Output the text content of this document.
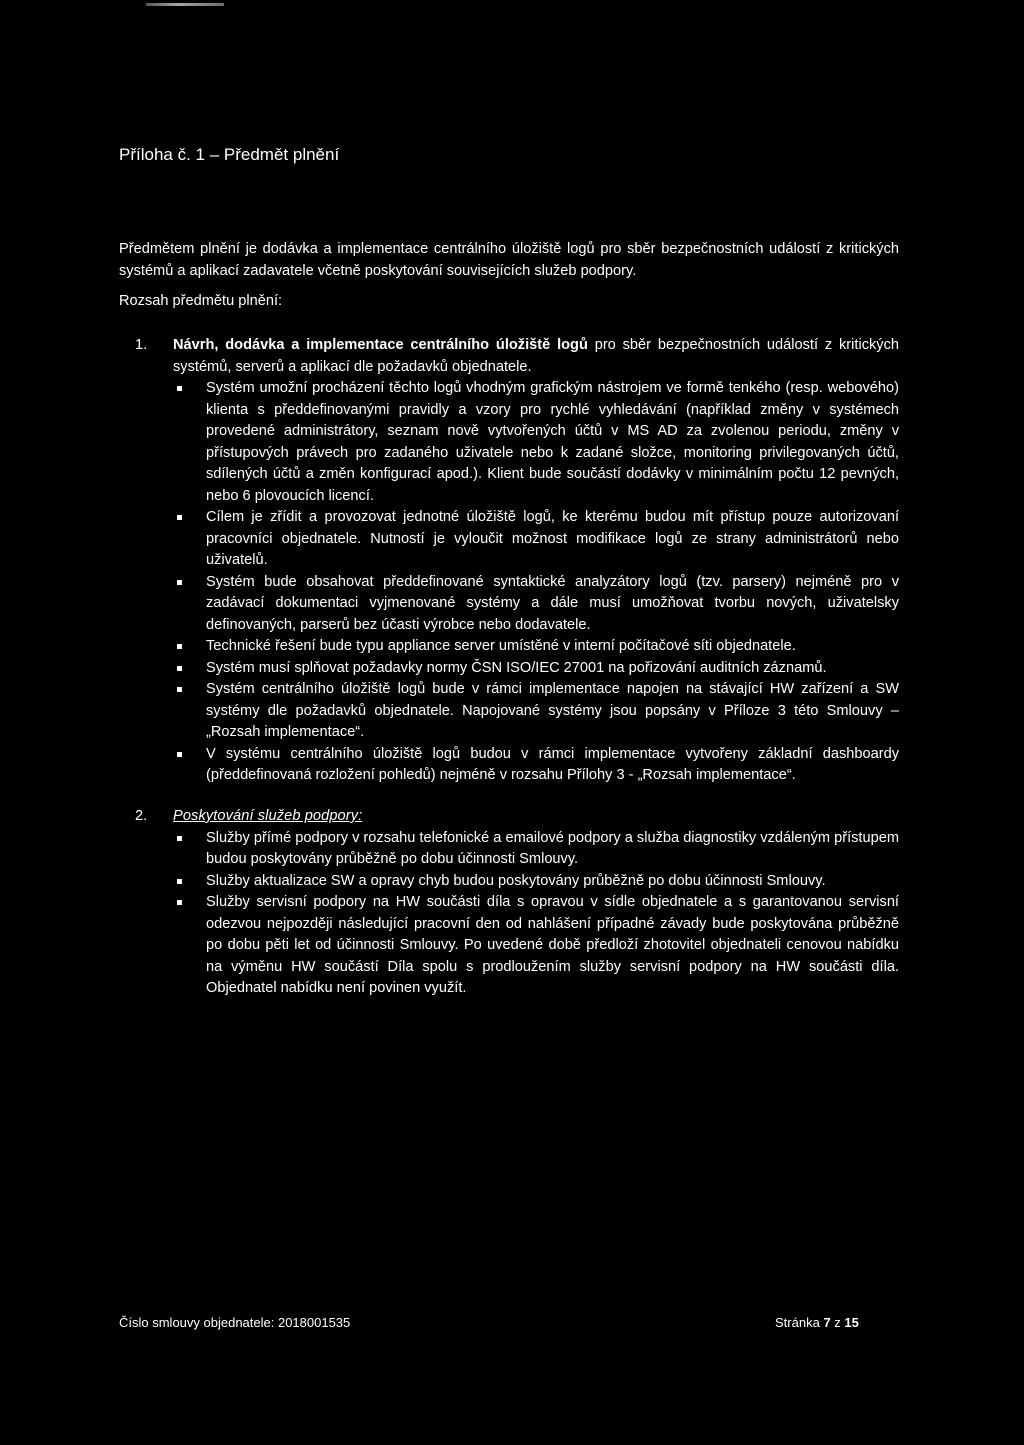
Příloha č. 1 – Předmět plnění

Předmětem plnění je dodávka a implementace centrálního úložiště logů pro sběr bezpečnostních událostí z kritických systémů a aplikací zadavatele včetně poskytování souvisejících služeb podpory.

Rozsah předmětu plnění:

1.	Návrh, dodávka a implementace centrálního úložiště logů pro sběr bezpečnostních událostí z kritických systémů, serverů a aplikací dle požadavků objednatele.
Systém umožní procházení těchto logů vhodným grafickým nástrojem ve formě tenkého (resp. webového) klienta s předdefinovanými pravidly a vzory pro rychlé vyhledávání (například změny v systémech provedené administrátory, seznam nově vytvořených účtů v MS AD za zvolenou periodu, změny v přístupových právech pro zadaného uživatele nebo k zadané složce, monitoring privilegovaných účtů, sdílených účtů a změn konfigurací apod.). Klient bude součástí dodávky v minimálním počtu 12 pevných, nebo 6 plovoucích licencí.
Cílem je zřídit a provozovat jednotné úložiště logů, ke kterému budou mít přístup pouze autorizovaní pracovníci objednatele. Nutností je vyloučit možnost modifikace logů ze strany administrátorů nebo uživatelů.
Systém bude obsahovat předdefinované syntaktické analyzátory logů (tzv. parsery) nejméně pro v zadávací dokumentaci vyjmenované systémy a dále musí umožňovat tvorbu nových, uživatelsky definovaných, parserů bez účasti výrobce nebo dodavatele.
Technické řešení bude typu appliance server umístěné v interní počítačové síti objednatele.
Systém musí splňovat požadavky normy ČSN ISO/IEC 27001 na pořizování auditních záznamů.
Systém centrálního úložiště logů bude v rámci implementace napojen na stávající HW zařízení a SW systémy dle požadavků objednatele. Napojované systémy jsou popsány v Příloze 3 této Smlouvy – „Rozsah implementace“.
V systému centrálního úložiště logů budou v rámci implementace vytvořeny základní dashboardy (předdefinovaná rozložení pohledů) nejméně v rozsahu Přílohy 3 - „Rozsah implementace“.
2.	Poskytování služeb podpory:
Služby přímé podpory v rozsahu telefonické a emailové podpory a služba diagnostiky vzdáleným přístupem budou poskytovány průběžně po dobu účinnosti Smlouvy.
Služby aktualizace SW a opravy chyb budou poskytovány průběžně po dobu účinnosti Smlouvy.
Služby servisní podpory na HW součásti díla s opravou v sídle objednatele a s garantovanou servisní odezvou nejpozději následující pracovní den od nahlášení případné závady bude poskytována průběžně po dobu pěti let od účinnosti Smlouvy. Po uvedené době předloží zhotovitel objednateli cenovou nabídku na výměnu HW součástí Díla spolu s prodloužením služby servisní podpory na HW součásti díla. Objednatel nabídku není povinen využít.
Číslo smlouvy objednatele: 2018001535	Stránka 7 z 15
